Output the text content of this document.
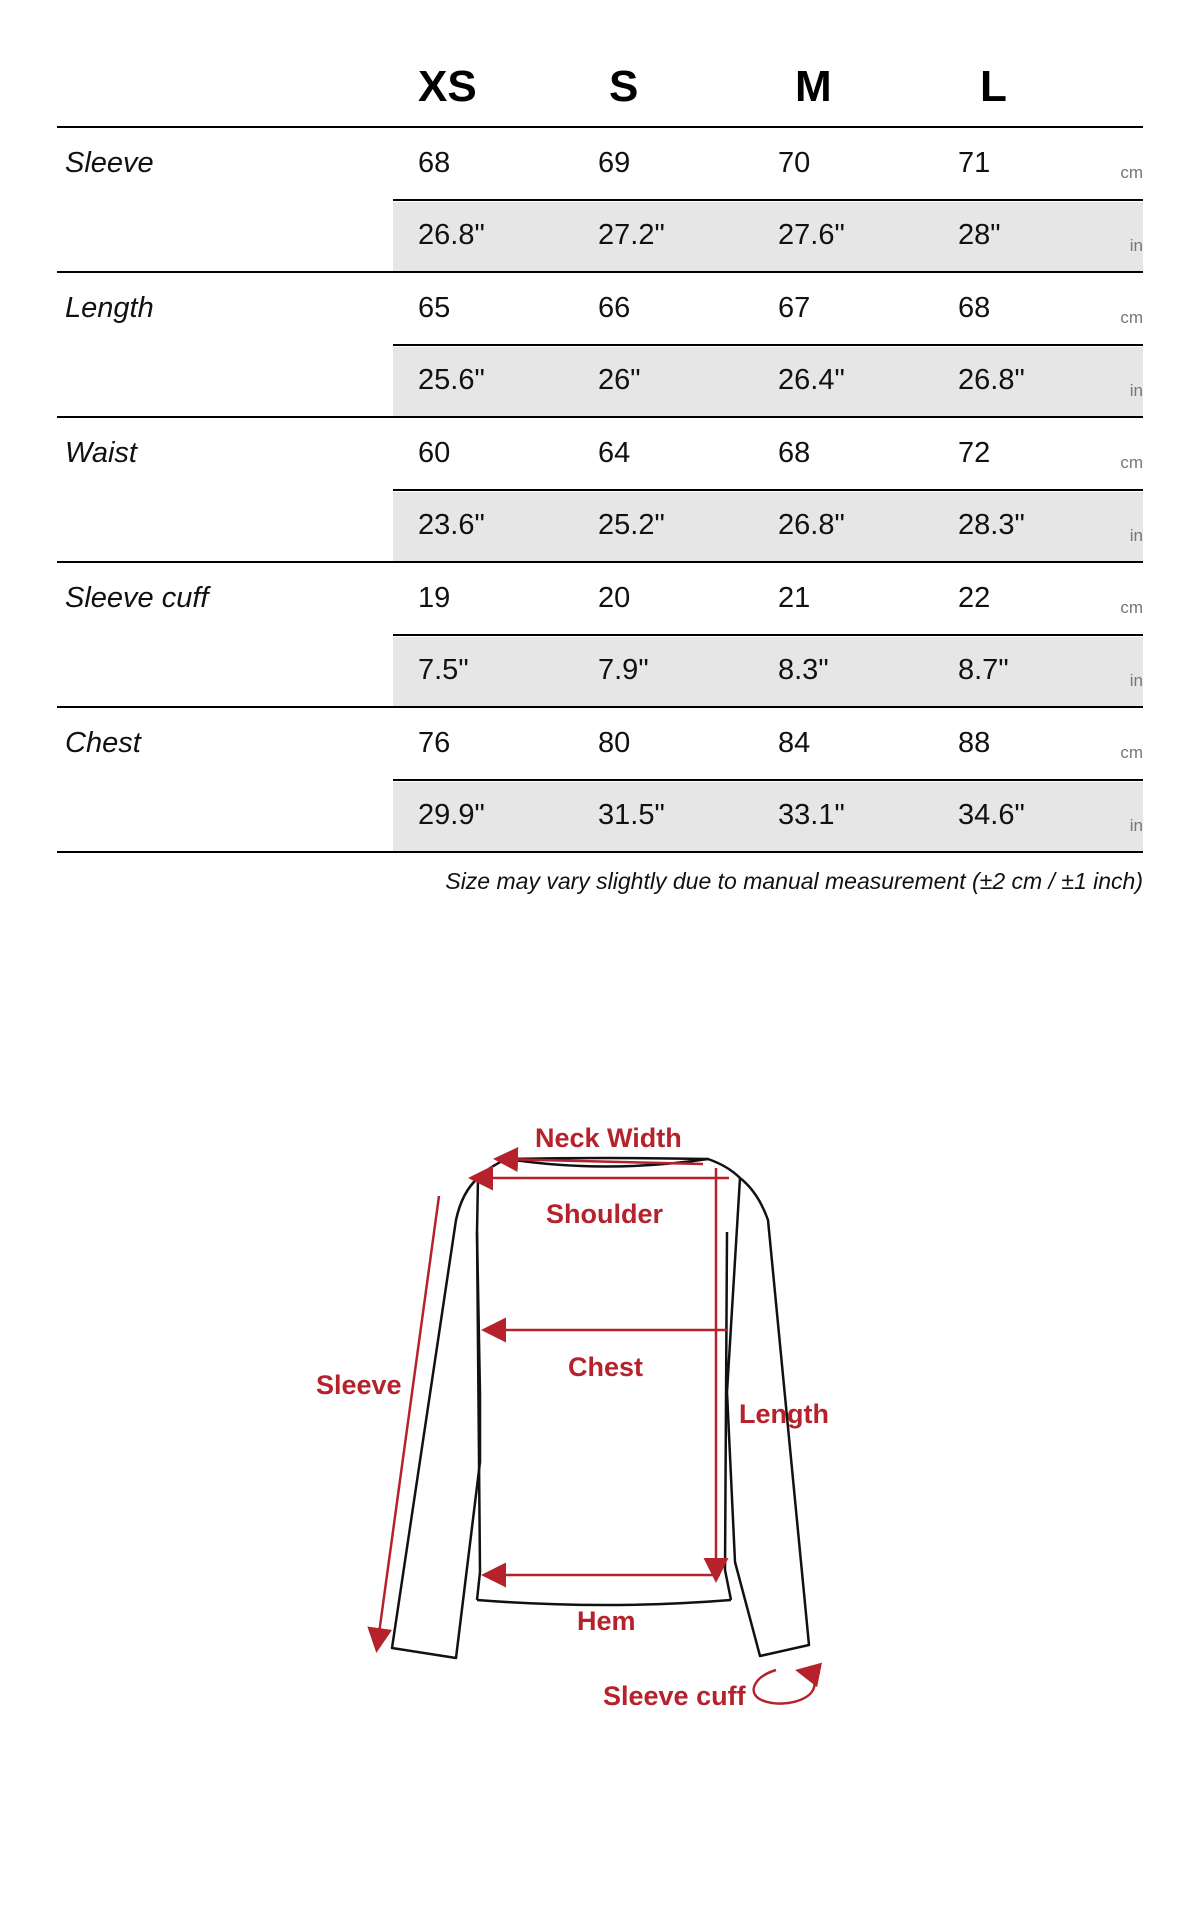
XS	S	M	L
Sleeve	68	69	70	71	cm
26.8"	27.2"	27.6"	28"	in
Length	65	66	67	68	cm
25.6"	26"	26.4"	26.8"	in
Waist	60	64	68	72	cm
23.6"	25.2"	26.8"	28.3"	in
Sleeve cuff	19	20	21	22	cm
7.5"	7.9"	8.3"	8.7"	in
Chest	76	80	84	88	cm
29.9"	31.5"	33.1"	34.6"	in
Size may vary slightly due to manual measurement (±2 cm / ±1 inch)
Neck Width
Shoulder
Chest
Length
Sleeve
Hem
Sleeve cuff
